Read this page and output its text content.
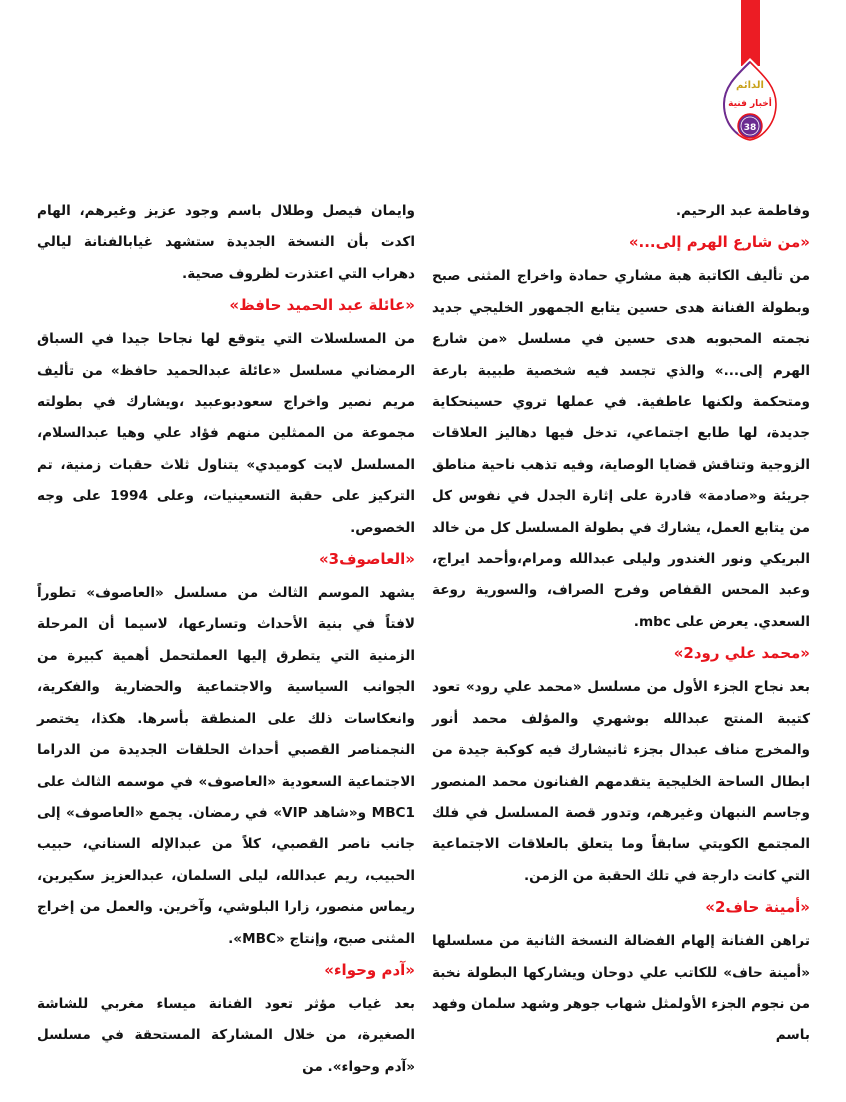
الدائم
أخبار فنية
38

وفاطمة عبد الرحيم.

«من شارع الهرم إلى...»

من تأليف الكاتبة هبة مشاري حمادة واخراج المثنى صبح وبطولة الفنانة هدى حسين يتابع الجمهور الخليجي جديد نجمته المحبوبه هدى حسين في مسلسل «من شارع الهرم إلى...» والذي تجسد فيه شخصية طبيبة بارعة ومتحكمة ولكنها عاطفية. في عملها تروي حسينحكاية جديدة، لها طابع اجتماعي، تدخل فيها دهاليز العلاقات الزوجية وتناقش قضايا الوصاية، وفيه تذهب ناحية مناطق جريئة و«صادمة» قادرة على إثارة الجدل في نفوس كل من يتابع العمل، يشارك في بطولة المسلسل كل من خالد البريكي ونور الغندور وليلى عبدالله ومرام،وأحمد ايراج، وعبد المحس القفاص وفرح الصراف، والسورية روعة السعدي. يعرض على mbc.

«محمد علي رود2»

بعد نجاح الجزء الأول من مسلسل «محمد علي رود» تعود كتيبة المنتج عبدالله بوشهري والمؤلف محمد أنور والمخرج مناف عبدال بجزء ثانيشارك فيه كوكبة جيدة من ابطال الساحة الخليجية يتقدمهم الفنانون محمد المنصور وجاسم النبهان وغيرهم، وتدور قصة المسلسل في فلك المجتمع الكويتي سابقاً وما يتعلق بالعلاقات الاجتماعية التي كانت دارجة في تلك الحقبة من الزمن.

«أمينة حاف2»

تراهن الفنانة إلهام الفضالة النسخة الثانية من مسلسلها «أمينة حاف» للكاتب علي دوحان ويشاركها البطولة نخبة من نجوم الجزء الأولمثل شهاب جوهر وشهد سلمان وفهد باسم

وايمان فيصل وطلال باسم وجود عزيز وغيرهم، الهام اكدت بأن النسخة الجديدة ستشهد غيابالفنانة ليالي دهراب التي اعتذرت لظروف صحية.

«عائلة عبد الحميد حافظ»

من المسلسلات التي يتوقع لها نجاحا جيدا في السباق الرمضاني مسلسل «عائلة عبدالحميد حافظ» من تأليف مريم نصير واخراج سعودبوعبيد ،ويشارك في بطولته مجموعة من الممثلين منهم فؤاد علي وهيا عبدالسلام، المسلسل لايت كوميدي» يتناول ثلاث حقبات زمنية، تم التركيز على حقبة التسعينيات، وعلى 1994 على وجه الخصوص.

«العاصوف3»

يشهد الموسم الثالث من مسلسل «العاصوف» تطوراً لافتاً في بنية الأحداث وتسارعها، لاسيما أن المرحلة الزمنية التي يتطرق إليها العملتحمل أهمية كبيرة من الجوانب السياسية والاجتماعية والحضارية والفكرية، وانعكاسات ذلك على المنطقة بأسرها. هكذا، يختصر النجمناصر القصبي أحداث الحلقات الجديدة من الدراما الاجتماعية السعودية «العاصوف» في موسمه الثالث على MBC1 و«شاهد VIP» في رمضان. يجمع «العاصوف» إلى جانب ناصر القصبي، كلاً من عبدالإله السناني، حبيب الحبيب، ريم عبدالله، ليلى السلمان، عبدالعزيز سكيرين، ريماس منصور، زارا البلوشي، وآخرين. والعمل من إخراج المثنى صبح، وإنتاج «MBC».

«آدم وحواء»

بعد غياب مؤثر تعود الفنانة ميساء مغربي للشاشة الصغيرة، من خلال المشاركة المستحقة في مسلسل «آدم وحواء». من
